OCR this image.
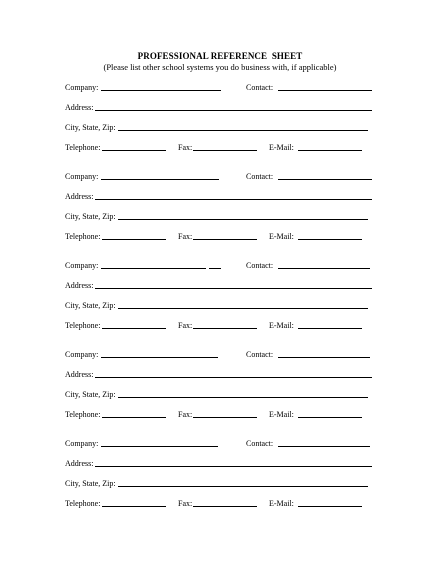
PROFESSIONAL REFERENCE  SHEET
(Please list other school systems you do business with, if applicable)
Company:	Contact:
Address:
City, State, Zip:
Telephone:	Fax:	E-Mail:
Company:	Contact:
Address:
City, State, Zip:
Telephone:	Fax:	E-Mail:
Company:	Contact:
Address:
City, State, Zip:
Telephone:	Fax:	E-Mail:
Company:	Contact:
Address:
City, State, Zip:
Telephone:	Fax:	E-Mail:
Company:	Contact:
Address:
City, State, Zip:
Telephone:	Fax:	E-Mail:
